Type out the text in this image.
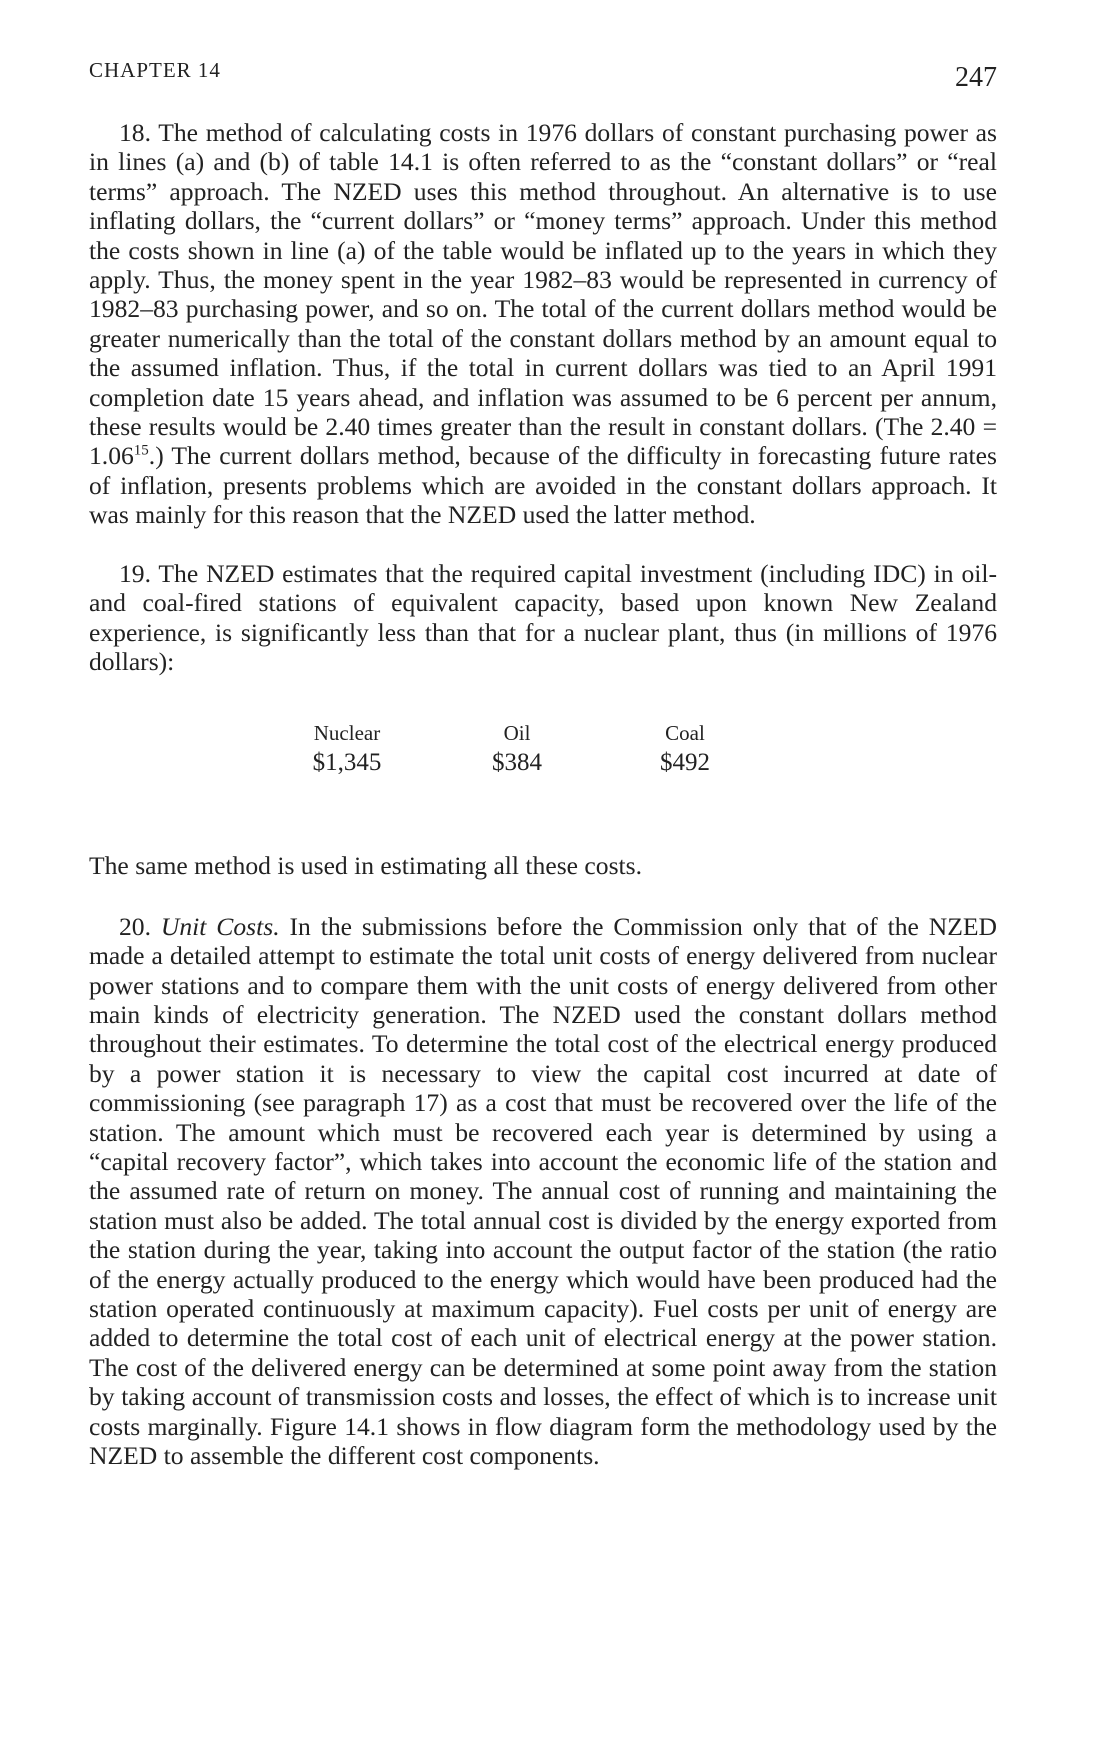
CHAPTER 14	247

18. The method of calculating costs in 1976 dollars of constant purchasing power as in lines (a) and (b) of table 14.1 is often referred to as the “constant dollars” or “real terms” approach. The NZED uses this method throughout. An alternative is to use inflating dollars, the “current dollars” or “money terms” approach. Under this method the costs shown in line (a) of the table would be inflated up to the years in which they apply. Thus, the money spent in the year 1982–83 would be represented in currency of 1982–83 purchasing power, and so on. The total of the current dollars method would be greater numerically than the total of the constant dollars method by an amount equal to the assumed inflation. Thus, if the total in current dollars was tied to an April 1991 completion date 15 years ahead, and inflation was assumed to be 6 percent per annum, these results would be 2.40 times greater than the result in constant dollars. (The $2.40 = 1.06^{15}$.) The current dollars method, because of the difficulty in forecasting future rates of inflation, presents problems which are avoided in the constant dollars approach. It was mainly for this reason that the NZED used the latter method.

19. The NZED estimates that the required capital investment (including IDC) in oil- and coal-fired stations of equivalent capacity, based upon known New Zealand experience, is significantly less than that for a nuclear plant, thus (in millions of 1976 dollars):

Nuclear
$1,345
Oil
$384
Coal
$492

The same method is used in estimating all these costs.

20. Unit Costs. In the submissions before the Commission only that of the NZED made a detailed attempt to estimate the total unit costs of energy delivered from nuclear power stations and to compare them with the unit costs of energy delivered from other main kinds of electricity generation. The NZED used the constant dollars method throughout their estimates. To determine the total cost of the electrical energy produced by a power station it is necessary to view the capital cost incurred at date of commissioning (see paragraph 17) as a cost that must be recovered over the life of the station. The amount which must be recovered each year is determined by using a “capital recovery factor”, which takes into account the economic life of the station and the assumed rate of return on money. The annual cost of running and maintaining the station must also be added. The total annual cost is divided by the energy exported from the station during the year, taking into account the output factor of the station (the ratio of the energy actually produced to the energy which would have been produced had the station operated continuously at maximum capacity). Fuel costs per unit of energy are added to determine the total cost of each unit of electrical energy at the power station. The cost of the delivered energy can be determined at some point away from the station by taking account of transmission costs and losses, the effect of which is to increase unit costs marginally. Figure 14.1 shows in flow diagram form the methodology used by the NZED to assemble the different cost components.
